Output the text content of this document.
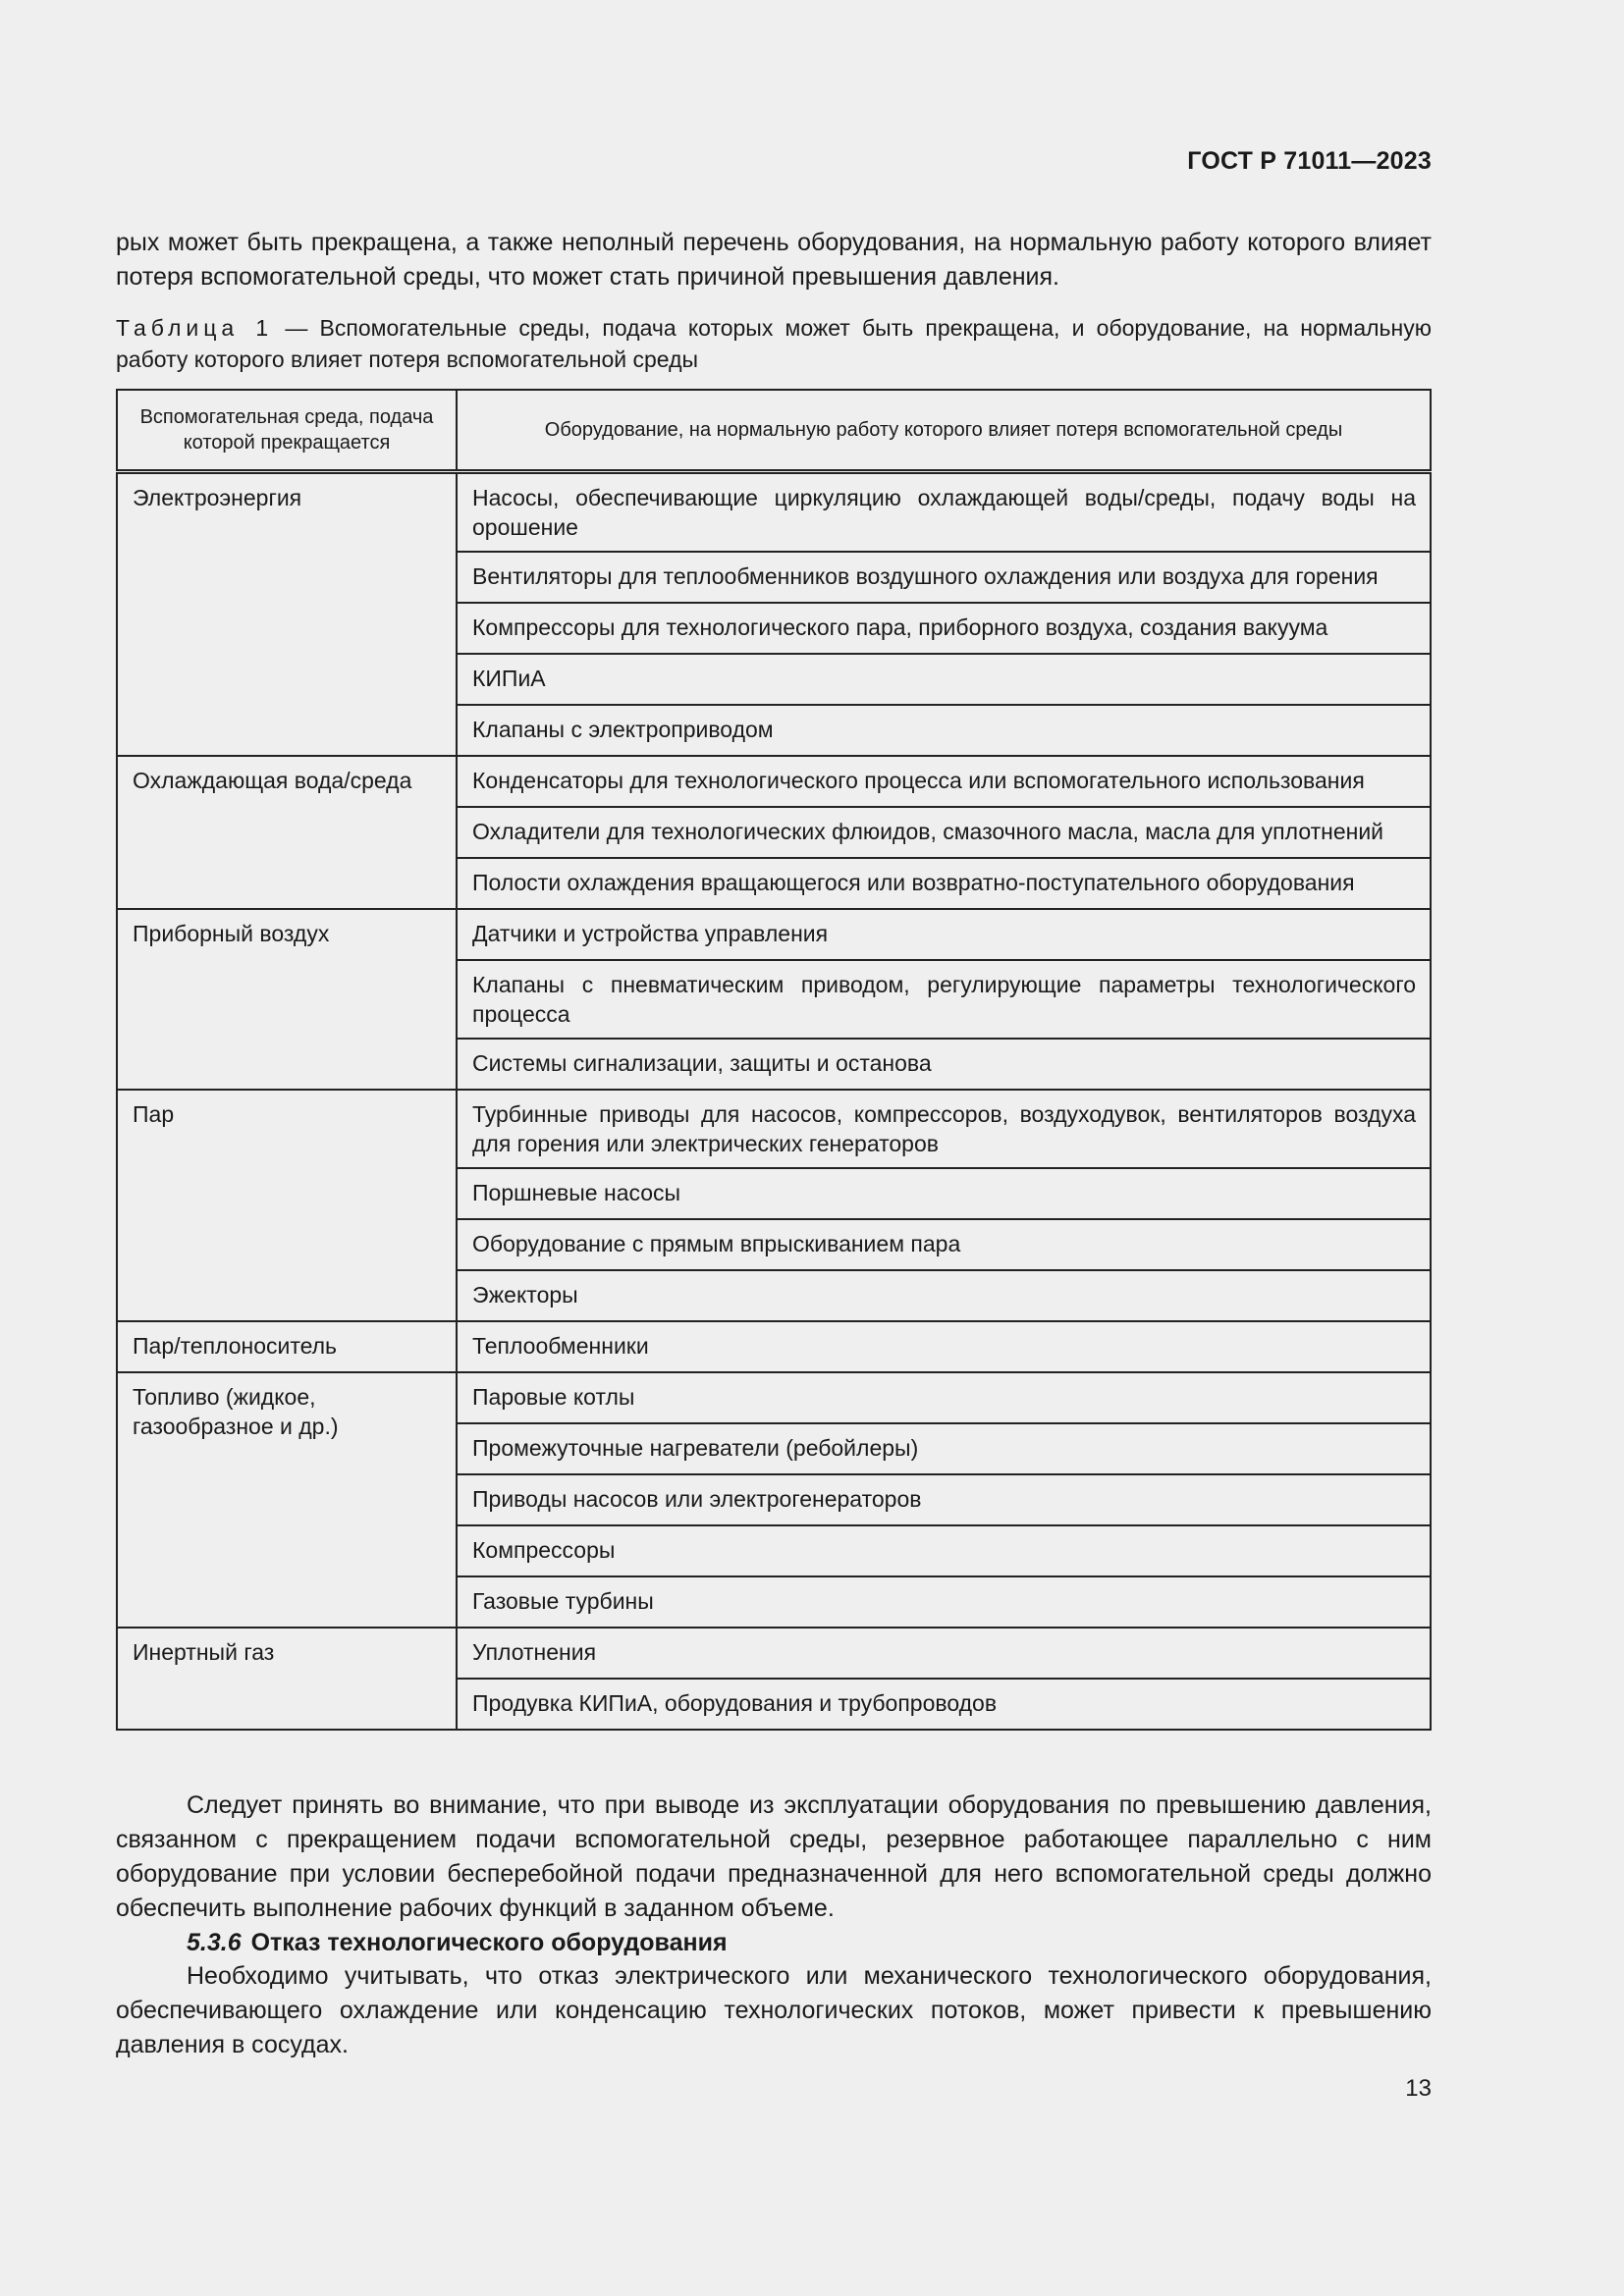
ГОСТ Р 71011—2023

рых может быть прекращена, а также неполный перечень оборудования, на нормальную работу которого влияет потеря вспомогательной среды, что может стать причиной превышения давления.

Таблица 1 — Вспомогательные среды, подача которых может быть прекращена, и оборудование, на нормальную работу которого влияет потеря вспомогательной среды
Вспомогательная среда, подача которой прекращается	Оборудование, на нормальную работу которого влияет потеря вспомогательной среды
Электроэнергия	Насосы, обеспечивающие циркуляцию охлаждающей воды/среды, подачу воды на орошение
	Вентиляторы для теплообменников воздушного охлаждения или воздуха для горения
	Компрессоры для технологического пара, приборного воздуха, создания вакуума
	КИПиА
	Клапаны с электроприводом
Охлаждающая вода/среда	Конденсаторы для технологического процесса или вспомогательного использования
	Охладители для технологических флюидов, смазочного масла, масла для уплотнений
	Полости охлаждения вращающегося или возвратно-поступательного оборудования
Приборный воздух	Датчики и устройства управления
	Клапаны с пневматическим приводом, регулирующие параметры технологического процесса
	Системы сигнализации, защиты и останова
Пар	Турбинные приводы для насосов, компрессоров, воздуходувок, вентиляторов воздуха для горения или электрических генераторов
	Поршневые насосы
	Оборудование с прямым впрыскиванием пара
	Эжекторы
Пар/теплоноситель	Теплообменники
Топливо (жидкое, газообразное и др.)	Паровые котлы
	Промежуточные нагреватели (ребойлеры)
	Приводы насосов или электрогенераторов
	Компрессоры
	Газовые турбины
Инертный газ	Уплотнения
	Продувка КИПиА, оборудования и трубопроводов

Следует принять во внимание, что при выводе из эксплуатации оборудования по превышению давления, связанном с прекращением подачи вспомогательной среды, резервное работающее параллельно с ним оборудование при условии бесперебойной подачи предназначенной для него вспомогательной среды должно обеспечить выполнение рабочих функций в заданном объеме.

5.3.6 Отказ технологического оборудования

Необходимо учитывать, что отказ электрического или механического технологического оборудования, обеспечивающего охлаждение или конденсацию технологических потоков, может привести к превышению давления в сосудах.

13
